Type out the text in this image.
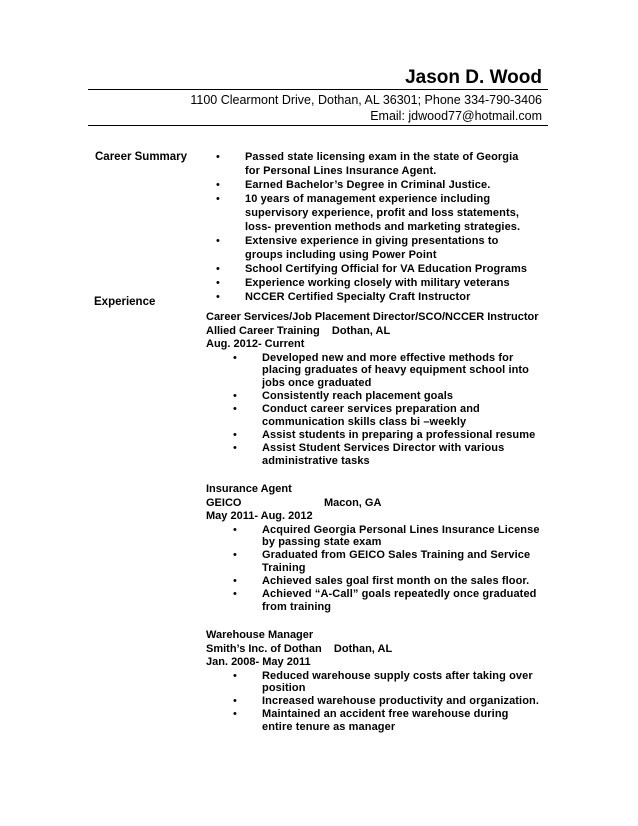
Jason D. Wood
1100 Clearmont Drive, Dothan, AL 36301; Phone 334-790-3406
Email: jdwood77@hotmail.com
Career Summary
•	Passed state licensing exam in the state of Georgia for Personal Lines Insurance Agent.
• Earned Bachelor’s Degree in Criminal Justice.
• 10 years of management experience including supervisory experience, profit and loss statements, loss- prevention methods and marketing strategies.
• Extensive experience in giving presentations to groups including using Power Point
• School Certifying Official for VA Education Programs
• Experience working closely with military veterans
• NCCER Certified Specialty Craft Instructor
Experience
Career Services/Job Placement Director/SCO/NCCER Instructor
Allied Career Training    Dothan, AL
Aug. 2012- Current
• Developed new and more effective methods for placing graduates of heavy equipment school into jobs once graduated
• Consistently reach placement goals
• Conduct career services preparation and communication skills class bi –weekly
• Assist students in preparing a professional resume
• Assist Student Services Director with various administrative tasks
Insurance Agent
GEICO                           Macon, GA
May 2011- Aug. 2012
• Acquired Georgia Personal Lines Insurance License by passing state exam
• Graduated from GEICO Sales Training and Service Training
• Achieved sales goal first month on the sales floor.
• Achieved “A-Call” goals repeatedly once graduated from training
Warehouse Manager
Smith’s Inc. of Dothan    Dothan, AL
Jan. 2008- May 2011
• Reduced warehouse supply costs after taking over position
• Increased warehouse productivity and organization.
• Maintained an accident free warehouse during entire tenure as manager
